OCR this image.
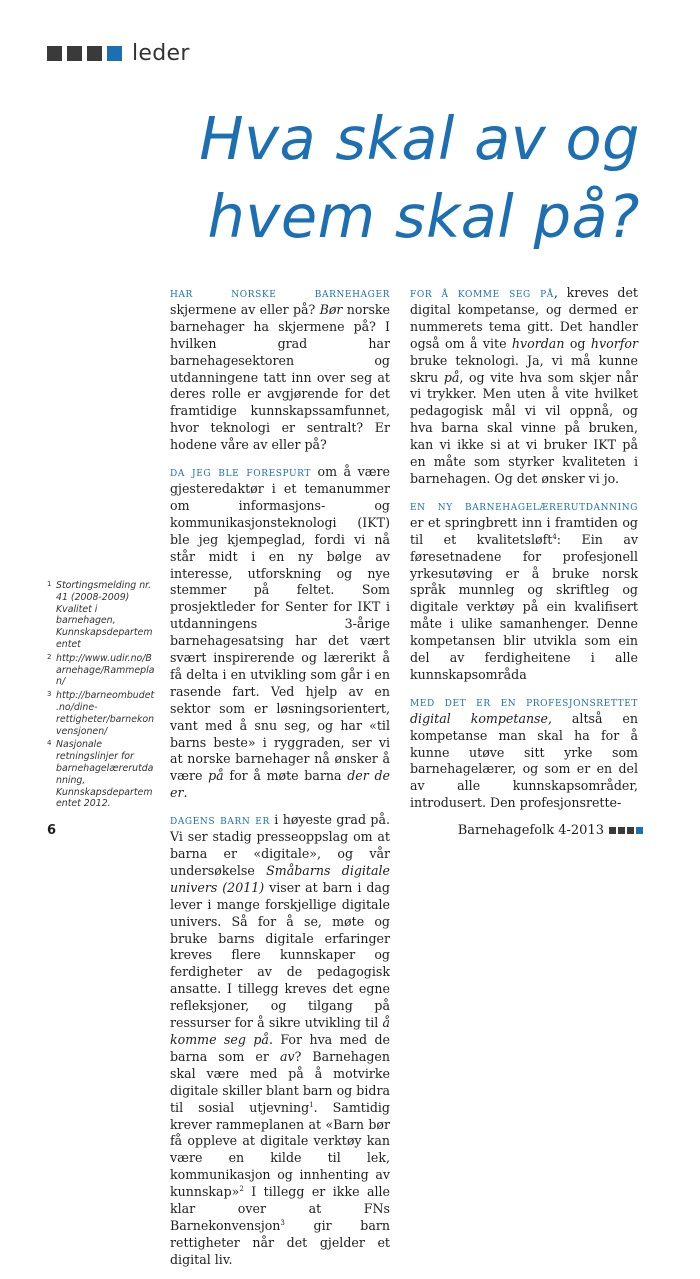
leder
Hva skal av og
hvem skal på?

har norske barnehager skjermene av eller på? Bør norske barnehager ha skjermene på? I hvilken grad har barnehagesektoren og utdanningene tatt inn over seg at deres rolle er avgjørende for det framtidige kunnskapssamfunnet, hvor teknologi er sentralt? Er hodene våre av eller på?

da jeg ble forespurt om å være gjesteredaktør i et temanummer om informasjons- og kommunikasjonsteknologi (IKT) ble jeg kjempeglad, fordi vi nå står midt i en ny bølge av interesse, utforskning og nye stemmer på feltet. Som prosjektleder for Senter for IKT i utdanningens 3-årige barnehagesatsing har det vært svært inspirerende og lærerikt å få delta i en utvikling som går i en rasende fart. Ved hjelp av en sektor som er løsningsorientert, vant med å snu seg, og har «til barns beste» i ryggraden, ser vi at norske barnehager nå ønsker å være på for å møte barna der de er.

dagens barn er i høyeste grad på. Vi ser stadig presseoppslag om at barna er «digitale», og vår undersøkelse Småbarns digitale univers (2011) viser at barn i dag lever i mange forskjellige digitale univers. Så for å se, møte og bruke barns digitale erfaringer kreves flere kunnskaper og ferdigheter av de pedagogisk ansatte. I tillegg kreves det egne refleksjoner, og tilgang på ressurser for å sikre utvikling til å komme seg på. For hva med de barna som er av? Barnehagen skal være med på å motvirke digitale skiller blant barn og bidra til sosial utjevning$^1$. Samtidig krever rammeplanen at «Barn bør få oppleve at digitale verktøy kan være en kilde til lek, kommunikasjon og innhenting av kunnskap»$^2$ I tillegg er ikke alle klar over at FNs Barnekonvensjon$^3$ gir barn rettigheter når det gjelder et digital liv.

for å komme seg på, kreves det digital kompetanse, og dermed er nummerets tema gitt. Det handler også om å vite hvordan og hvorfor bruke teknologi. Ja, vi må kunne skru på, og vite hva som skjer når vi trykker. Men uten å vite hvilket pedagogisk mål vi vil oppnå, og hva barna skal vinne på bruken, kan vi ikke si at vi bruker IKT på en måte som styrker kvaliteten i barnehagen. Og det ønsker vi jo.

en ny barnehagelærerutdanning er et springbrett inn i framtiden og til et kvalitetsløft$^4$: Ein av føresetnadene for profesjonell yrkesutøving er å bruke norsk språk munnleg og skriftleg og digitale verktøy på ein kvalifisert måte i ulike samanhenger. Denne kompetansen blir utvikla som ein del av ferdigheitene i alle kunnskapsområda

med det er en profesjonsrettet digital kompetanse, altså en kompetanse man skal ha for å kunne utøve sitt yrke som barnehagelærer, og som er en del av alle kunnskapsområder, introdusert. Den profesjonsrette-

1 Stortingsmelding nr. 41 (2008-2009) Kvalitet i barnehagen, Kunnskapsdepartementet
2 http://www.udir.no/Barnehage/Rammeplan/
3 http://barneombudet.no/dine-rettigheter/barnekonvensjonen/
4 Nasjonale retningslinjer for barnehagelærerutdanning, Kunnskapsdepartementet 2012.
6	Barnehagefolk 4-2013
